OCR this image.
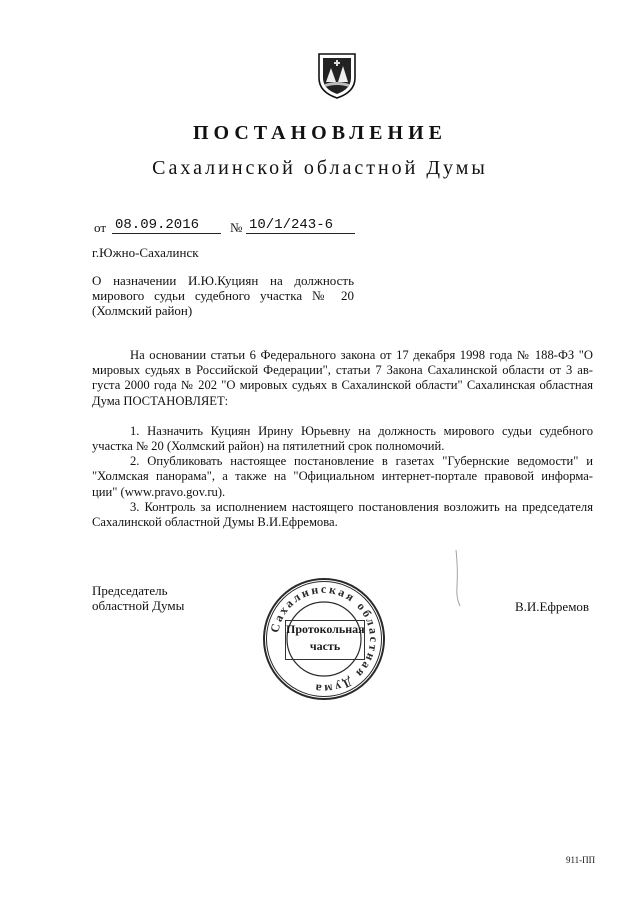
ПОСТАНОВЛЕНИЕ
Сахалинской областной Думы
от 08.09.2016	№ 10/1/243-6
г.Южно-Сахалинск
О назначении И.Ю.Куциян на должность
мирового судьи судебного участка № 20
(Холмский район)
На основании статьи 6 Федерального закона от 17 декабря 1998 года № 188-ФЗ "О
мировых судьях в Российской Федерации", статьи 7 Закона Сахалинской области от 3 ав-
густа 2000 года № 202 "О мировых судьях в Сахалинской области" Сахалинская областная
Дума ПОСТАНОВЛЯЕТ:
1. Назначить Куциян Ирину Юрьевну на должность мирового судьи судебного
участка № 20 (Холмский район) на пятилетний срок полномочий.
2. Опубликовать настоящее постановление в газетах "Губернские ведомости" и
"Холмская панорама", а также на "Официальном интернет-портале правовой информа-
ции" (www.pravo.gov.ru).
3. Контроль за исполнением настоящего постановления возложить на председателя
Сахалинской областной Думы В.И.Ефремова.
Председатель
областной Думы	В.И.Ефремов
Сахалинская областная Дума
Протокольная
часть
911-ПП
